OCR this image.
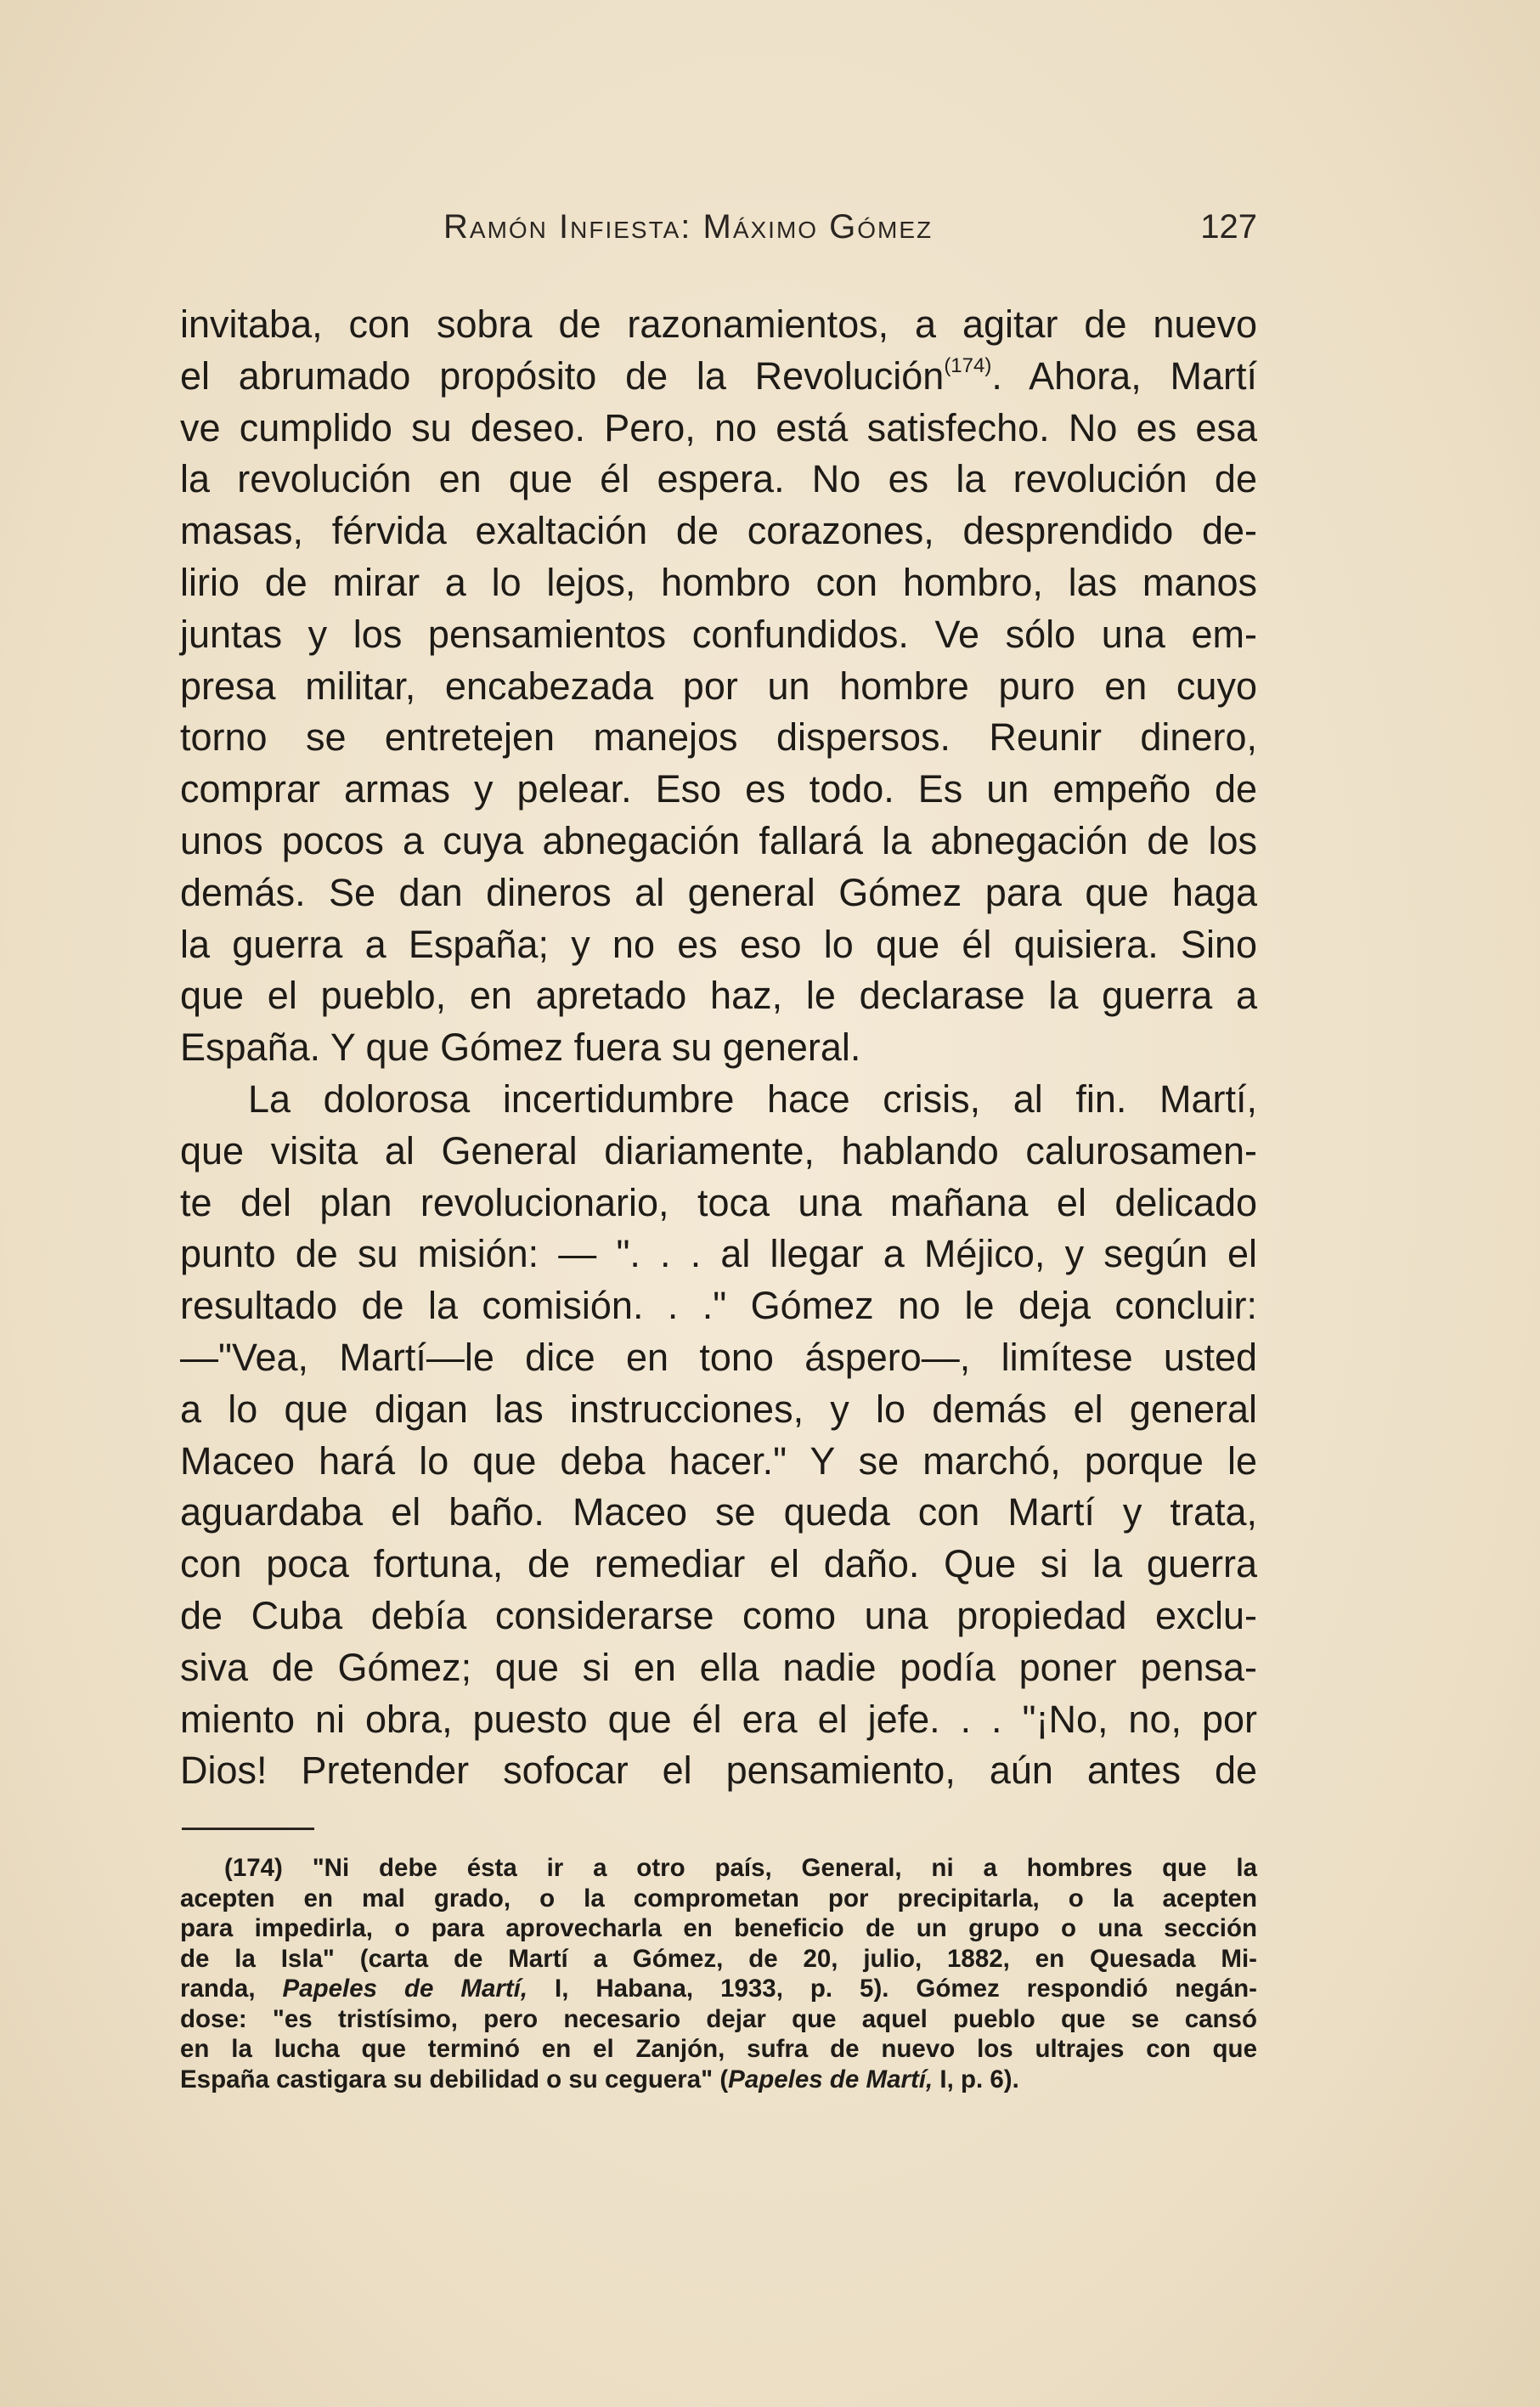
Ramón Infiesta: Máximo Gómez	127
invitaba, con sobra de razonamientos, a agitar de nuevo
el abrumado propósito de la Revolución$^{(174)}$. Ahora, Martí
ve cumplido su deseo. Pero, no está satisfecho. No es esa
la revolución en que él espera. No es la revolución de
masas, férvida exaltación de corazones, desprendido de-
lirio de mirar a lo lejos, hombro con hombro, las manos
juntas y los pensamientos confundidos. Ve sólo una em-
presa militar, encabezada por un hombre puro en cuyo
torno se entretejen manejos dispersos. Reunir dinero,
comprar armas y pelear. Eso es todo. Es un empeño de
unos pocos a cuya abnegación fallará la abnegación de los
demás. Se dan dineros al general Gómez para que haga
la guerra a España; y no es eso lo que él quisiera. Sino
que el pueblo, en apretado haz, le declarase la guerra a
España. Y que Gómez fuera su general.
La dolorosa incertidumbre hace crisis, al fin. Martí,
que visita al General diariamente, hablando calurosamen-
te del plan revolucionario, toca una mañana el delicado
punto de su misión: — ". . . al llegar a Méjico, y según el
resultado de la comisión. . ." Gómez no le deja concluir:
—"Vea, Martí—le dice en tono áspero—, limítese usted
a lo que digan las instrucciones, y lo demás el general
Maceo hará lo que deba hacer." Y se marchó, porque le
aguardaba el baño. Maceo se queda con Martí y trata,
con poca fortuna, de remediar el daño. Que si la guerra
de Cuba debía considerarse como una propiedad exclu-
siva de Gómez; que si en ella nadie podía poner pensa-
miento ni obra, puesto que él era el jefe. . . "¡No, no, por
Dios! Pretender sofocar el pensamiento, aún antes de
(174) "Ni debe ésta ir a otro país, General, ni a hombres que la
acepten en mal grado, o la comprometan por precipitarla, o la acepten
para impedirla, o para aprovecharla en beneficio de un grupo o una sección
de la Isla" (carta de Martí a Gómez, de 20, julio, 1882, en Quesada Mi-
randa, Papeles de Martí, I, Habana, 1933, p. 5). Gómez respondió negán-
dose: "es tristísimo, pero necesario dejar que aquel pueblo que se cansó
en la lucha que terminó en el Zanjón, sufra de nuevo los ultrajes con que
España castigara su debilidad o su ceguera" (Papeles de Martí, I, p. 6).
